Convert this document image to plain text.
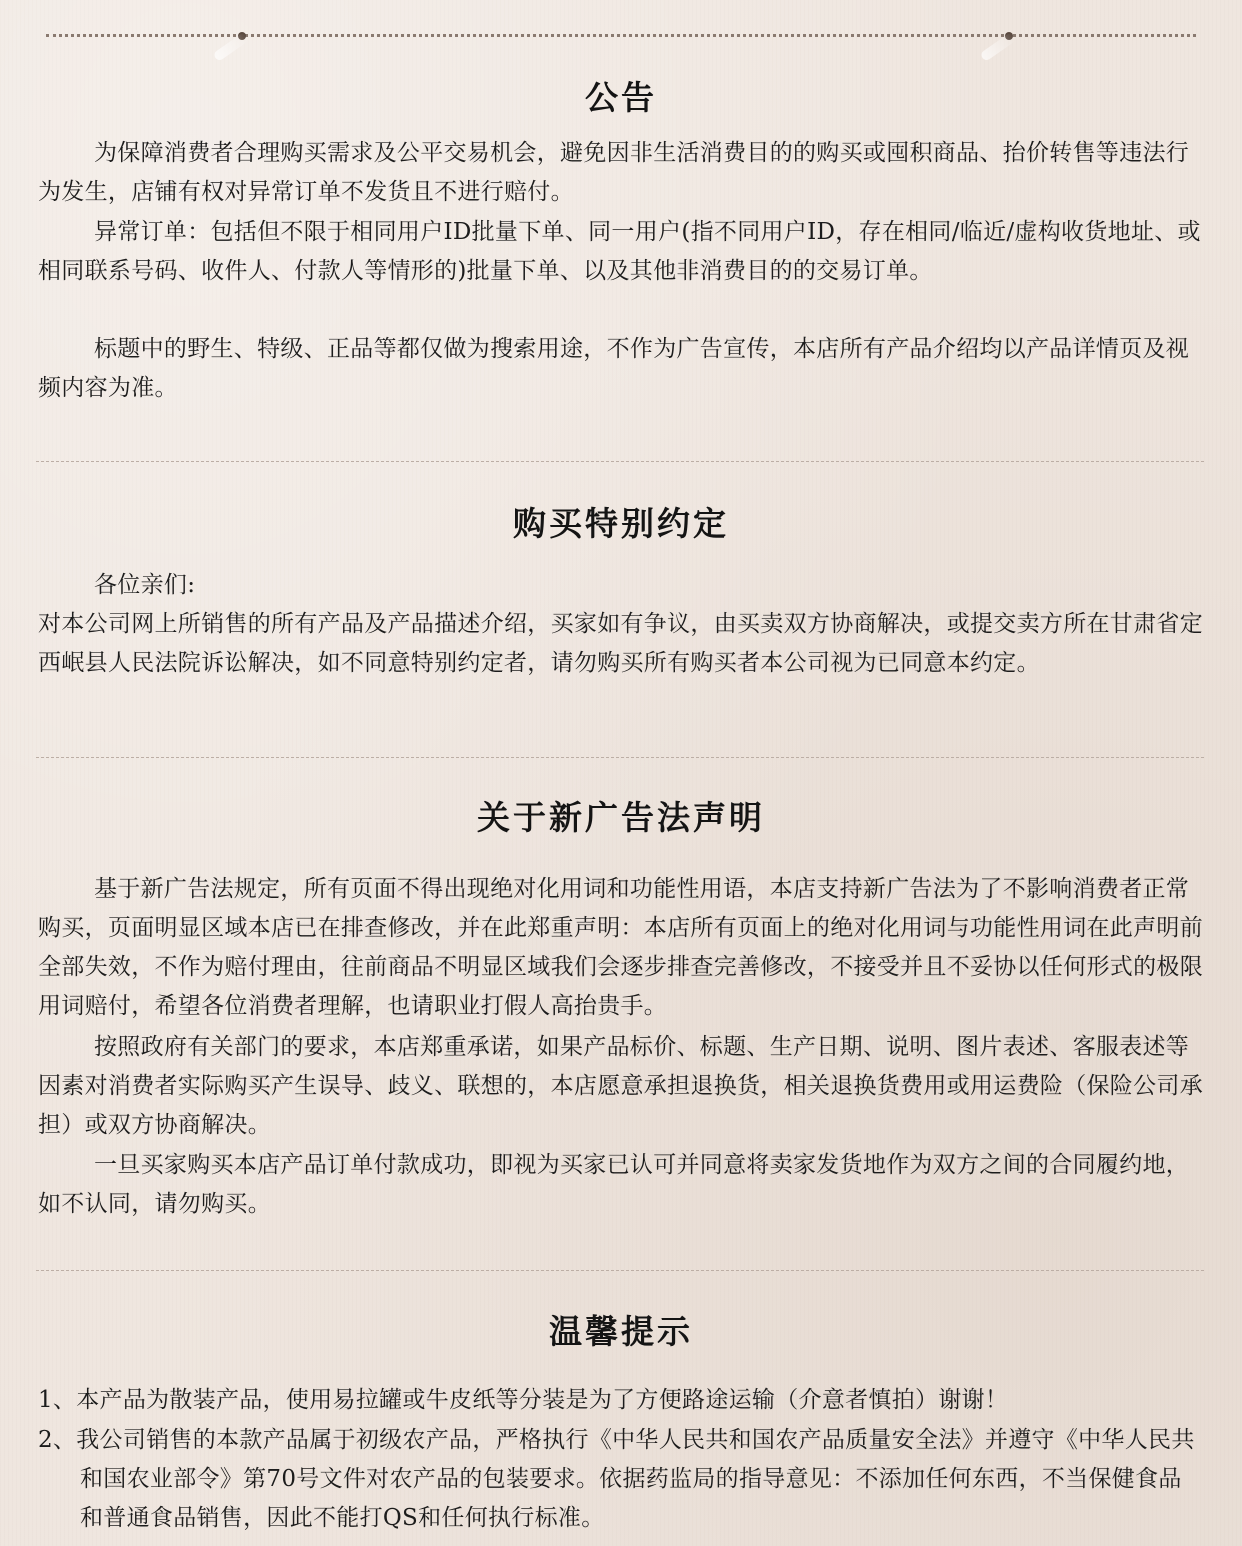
公告

为保障消费者合理购买需求及公平交易机会，避免因非生活消费目的的购买或囤积商品、抬价转售等违法行为发生，店铺有权对异常订单不发货且不进行赔付。

异常订单：包括但不限于相同用户ID批量下单、同一用户(指不同用户ID，存在相同/临近/虚构收货地址、或相同联系号码、收件人、付款人等情形的)批量下单、以及其他非消费目的的交易订单。

标题中的野生、特级、正品等都仅做为搜索用途，不作为广告宣传，本店所有产品介绍均以产品详情页及视频内容为准。

购买特别约定

各位亲们:

对本公司网上所销售的所有产品及产品描述介绍，买家如有争议，由买卖双方协商解决，或提交卖方所在甘肃省定西岷县人民法院诉讼解决，如不同意特别约定者，请勿购买所有购买者本公司视为已同意本约定。

关于新广告法声明

基于新广告法规定，所有页面不得出现绝对化用词和功能性用语，本店支持新广告法为了不影响消费者正常购买，页面明显区域本店已在排查修改，并在此郑重声明：本店所有页面上的绝对化用词与功能性用词在此声明前全部失效，不作为赔付理由，往前商品不明显区域我们会逐步排查完善修改，不接受并且不妥协以任何形式的极限用词赔付，希望各位消费者理解，也请职业打假人高抬贵手。

按照政府有关部门的要求，本店郑重承诺，如果产品标价、标题、生产日期、说明、图片表述、客服表述等因素对消费者实际购买产生误导、歧义、联想的，本店愿意承担退换货，相关退换货费用或用运费险（保险公司承担）或双方协商解决。

一旦买家购买本店产品订单付款成功，即视为买家已认可并同意将卖家发货地作为双方之间的合同履约地，如不认同，请勿购买。

温馨提示

1、本产品为散装产品，使用易拉罐或牛皮纸等分装是为了方便路途运输（介意者慎拍）谢谢！

2、我公司销售的本款产品属于初级农产品，严格执行《中华人民共和国农产品质量安全法》并遵守《中华人民共和国农业部令》第70号文件对农产品的包装要求。依据药监局的指导意见：不添加任何东西，不当保健食品和普通食品销售，因此不能打QS和任何执行标准。
